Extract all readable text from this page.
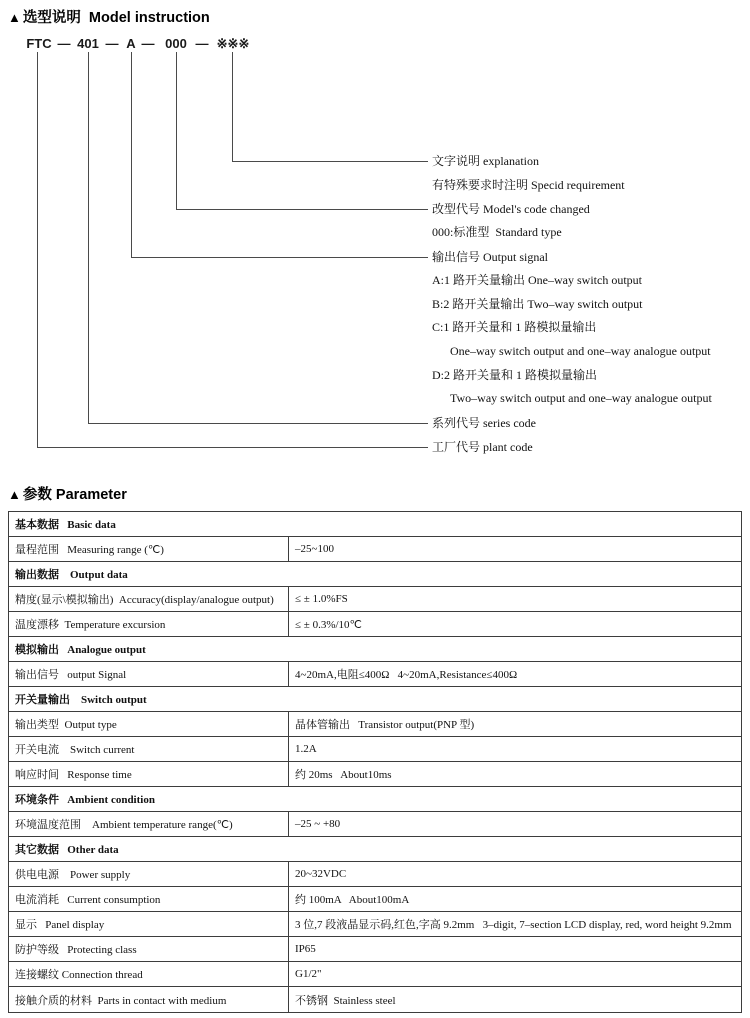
▲ 选型说明  Model instruction
FTC — 401 — A — 000 — ※※※
文字说明 explanation
有特殊要求时注明 Specid requirement
改型代号 Model's code changed
000:标准型  Standard type
输出信号 Output signal
A:1 路开关量输出 One–way switch output
B:2 路开关量输出 Two–way switch output
C:1 路开关量和 1 路模拟量输出
One–way switch output and one–way analogue output
D:2 路开关量和 1 路模拟量输出
Two–way switch output and one–way analogue output
系列代号 series code
工厂代号 plant code
▲ 参数 Parameter
基本数据   Basic data
量程范围   Measuring range (℃)	–25~100
输出数据    Output data
精度(显示\模拟输出)  Accuracy(display/analogue output)	≤ ± 1.0%FS
温度漂移  Temperature excursion	≤ ± 0.3%/10℃
模拟输出   Analogue output
输出信号   output Signal	4~20mA,电阻≤400Ω   4~20mA,Resistance≤400Ω
开关量输出    Switch output
输出类型  Output type	晶体管输出   Transistor output(PNP 型)
开关电流    Switch current	1.2A
响应时间   Response time	约 20ms   About10ms
环境条件   Ambient condition
环境温度范围    Ambient temperature range(℃)	–25 ~ +80
其它数据   Other data
供电电源    Power supply	20~32VDC
电流消耗   Current consumption	约 100mA   About100mA
显示   Panel display	3 位,7 段液晶显示码,红色,字高 9.2mm   3–digit, 7–section LCD display, red, word height 9.2mm
防护等级   Protecting class	IP65
连接螺纹 Connection thread	G1/2"
接触介质的材料  Parts in contact with medium	不锈钢  Stainless steel
